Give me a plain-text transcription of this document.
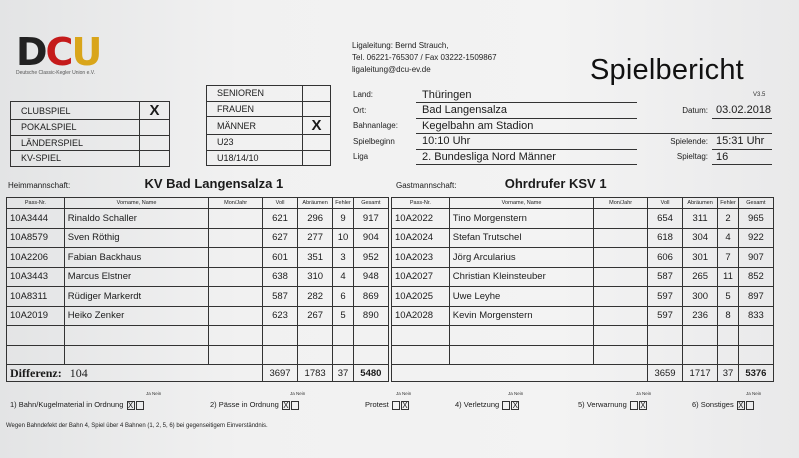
DCU
Deutsche Classic-Kegler Union e.V.
Ligaleitung: Bernd Strauch,
Tel. 06221-765307 / Fax 03222-1509867
ligaleitung@dcu-ev.de	Spielbericht
V3.5
CLUBSPIEL	X
POKALSPIEL	
LÄNDERSPIEL	
KV-SPIEL	
SENIOREN	
FRAUEN	
MÄNNER	X
U23	
U18/14/10	
Land:	Thüringen		
Ort:	Bad Langensalza	Datum:	03.02.2018
Bahnanlage:	Kegelbahn am Stadion		
Spielbeginn	10:10 Uhr	Spielende:	15:31 Uhr
Liga	2. Bundesliga Nord Männer	Spieltag:	16
Heimmannschaft:	KV Bad Langensalza 1	Gastmannschaft:	Ohrdrufer KSV 1
Pass-Nr.	Vorname, Name	Mon/Jahr	Voll	Abräumen	Fehler	Gesamt		Pass-Nr.	Vorname, Name	Mon/Jahr	Voll	Abräumen	Fehler	Gesamt
10A3444	Rinaldo Schaller		621	296	9	917		10A2022	Tino Morgenstern		654	311	2	965
10A8579	Sven Röthig		627	277	10	904		10A2024	Stefan Trutschel		618	304	4	922
10A2206	Fabian Backhaus		601	351	3	952		10A2023	Jörg Arcularius		606	301	7	907
10A3443	Marcus Elstner		638	310	4	948		10A2027	Christian Kleinsteuber		587	265	11	852
10A8311	Rüdiger Markerdt		587	282	6	869		10A2025	Uwe Leyhe		597	300	5	897
10A2019	Heiko Zenker		623	267	5	890		10A2028	Kevin Morgenstern		597	236	8	833

Differenz: 104			3697	1783	37	5480					3659	1717	37	5376
Ja Nein	Ja Nein	Ja Nein	Ja Nein	Ja Nein	Ja Nein
1) Bahn/Kugelmaterial in Ordnung X	2) Pässe in Ordnung X	Protest X	4) Verletzung X	5) Verwarnung X	6) Sonstiges X
Wegen Bahndefekt der Bahn 4, Spiel über 4 Bahnen (1, 2, 5, 6) bei gegenseitigem Einverständnis.
